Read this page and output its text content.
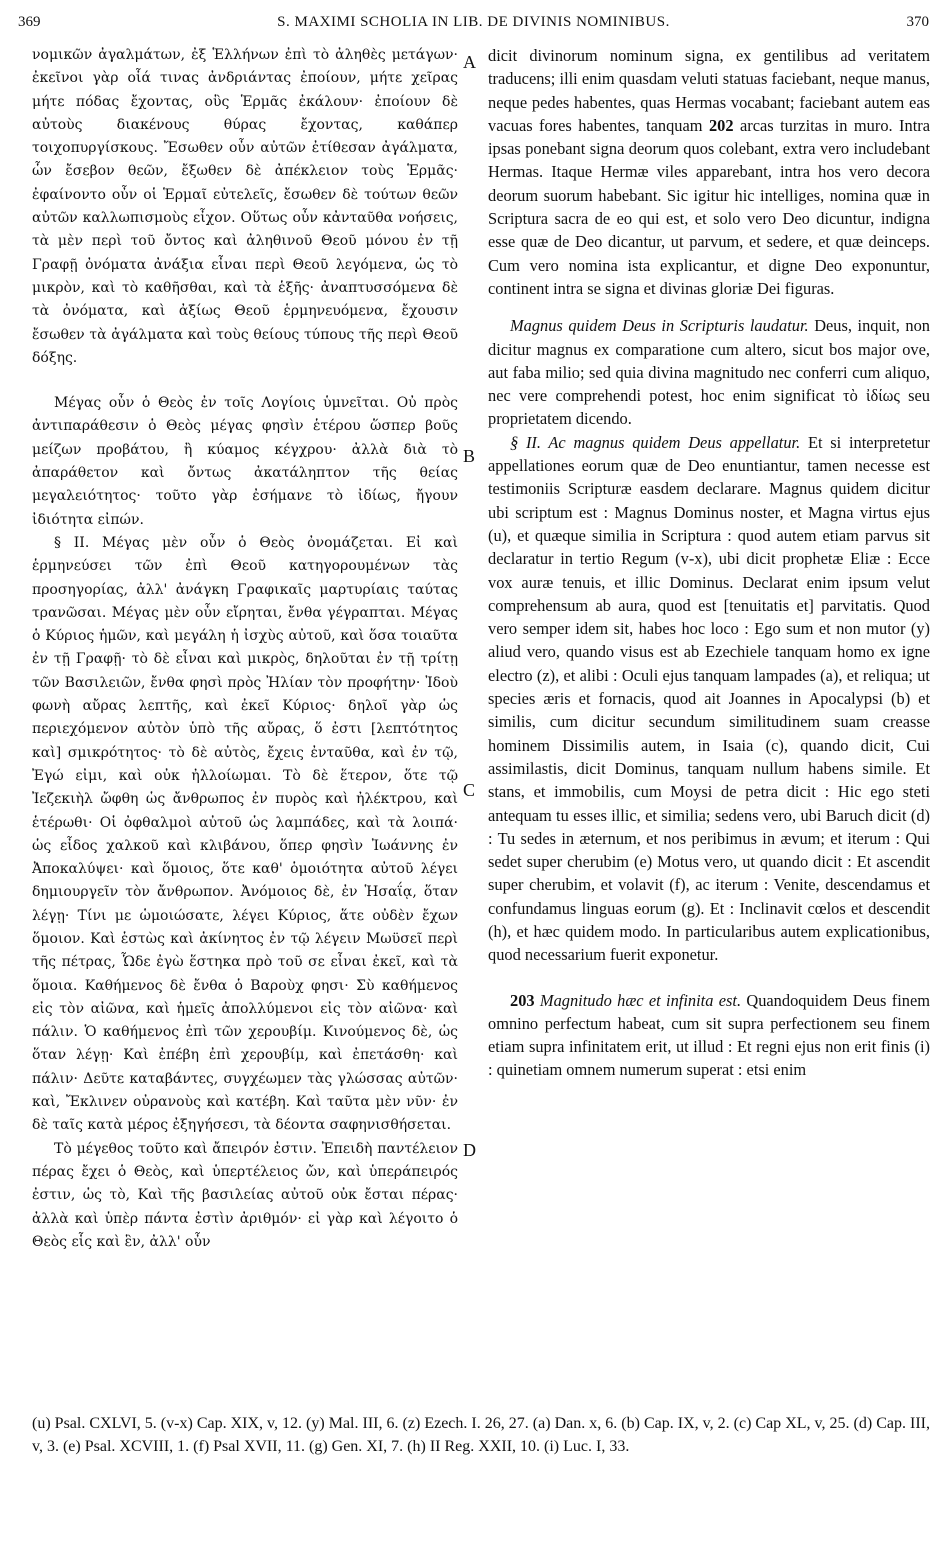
369	S. MAXIMI SCHOLIA IN LIB. DE DIVINIS NOMINIBUS.	370

νομικῶν ἀγαλμάτων, ἐξ Ἑλλήνων ἐπὶ τὸ ἀληθὲς μετάγων· ἐκεῖνοι γὰρ οἷά τινας ἀνδριάντας ἐποίουν, μήτε χεῖρας μήτε πόδας ἔχοντας, οὓς Ἑρμᾶς ἐκάλουν· ἐποίουν δὲ αὐτοὺς διακένους θύρας ἔχοντας, καθάπερ τοιχοπυργίσκους. Ἔσωθεν οὖν αὐτῶν ἐτίθεσαν ἀγάλματα, ὧν ἔσεβον θεῶν, ἔξωθεν δὲ ἀπέκλειον τοὺς Ἑρμᾶς· ἐφαίνοντο οὖν οἱ Ἑρμαῖ εὐτελεῖς, ἔσωθεν δὲ τούτων θεῶν αὐτῶν καλλωπισμοὺς εἶχον. Οὕτως οὖν κἀνταῦθα νοήσεις, τὰ μὲν περὶ τοῦ ὄντος καὶ ἀληθινοῦ Θεοῦ μόνου ἐν τῇ Γραφῇ ὀνόματα ἀνάξια εἶναι περὶ Θεοῦ λεγόμενα, ὡς τὸ μικρὸν, καὶ τὸ καθῆσθαι, καὶ τὰ ἑξῆς· ἀναπτυσσόμενα δὲ τὰ ὀνόματα, καὶ ἀξίως Θεοῦ ἑρμηνευόμενα, ἔχουσιν ἔσωθεν τὰ ἀγάλματα καὶ τοὺς θείους τύπους τῆς περὶ Θεοῦ δόξης.

Μέγας οὖν ὁ Θεὸς ἐν τοῖς Λογίοις ὑμνεῖται. Οὐ πρὸς ἀντιπαράθεσιν ὁ Θεὸς μέγας φησὶν ἑτέρου ὥσπερ βοῦς μείζων προβάτου, ἢ κύαμος κέγχρου· ἀλλὰ διὰ τὸ ἀπαράθετον καὶ ὄντως ἀκατάληπτον τῆς θείας μεγαλειότητος· τοῦτο γὰρ ἐσήμανε τὸ ἰδίως, ἤγουν ἰδιότητα εἰπών.

§ II. Μέγας μὲν οὖν ὁ Θεὸς ὀνομάζεται. Εἰ καὶ ἑρμηνεύσει τῶν ἐπὶ Θεοῦ κατηγορουμένων τὰς προσηγορίας, ἀλλ' ἀνάγκη Γραφικαῖς μαρτυρίαις ταύτας τρανῶσαι. Μέγας μὲν οὖν εἴρηται, ἔνθα γέγραπται. Μέγας ὁ Κύριος ἡμῶν, καὶ μεγάλη ἡ ἰσχὺς αὐτοῦ, καὶ ὅσα τοιαῦτα ἐν τῇ Γραφῇ· τὸ δὲ εἶναι καὶ μικρὸς, δηλοῦται ἐν τῇ τρίτῃ τῶν Βασιλειῶν, ἔνθα φησὶ πρὸς Ἠλίαν τὸν προφήτην· Ἰδοὺ φωνὴ αὔρας λεπτῆς, καὶ ἐκεῖ Κύριος· δηλοῖ γὰρ ὡς περιεχόμενον αὐτὸν ὑπὸ τῆς αὔρας, ὅ ἐστι [λεπτότητος καὶ] σμικρότητος· τὸ δὲ αὐτὸς, ἔχεις ἐνταῦθα, καὶ ἐν τῷ, Ἐγώ εἰμι, καὶ οὐκ ἠλλοίωμαι. Τὸ δὲ ἕτερον, ὅτε τῷ Ἰεζεκιὴλ ὤφθη ὡς ἄνθρωπος ἐν πυρὸς καὶ ἠλέκτρου, καὶ ἑτέρωθι· Οἱ ὀφθαλμοὶ αὐτοῦ ὡς λαμπάδες, καὶ τὰ λοιπά· ὡς εἶδος χαλκοῦ καὶ κλιβάνου, ὅπερ φησὶν Ἰωάννης ἐν Ἀποκαλύψει· καὶ ὅμοιος, ὅτε καθ' ὁμοιότητα αὐτοῦ λέγει δημιουργεῖν τὸν ἄνθρωπον. Ἀνόμοιος δὲ, ἐν Ἡσαΐᾳ, ὅταν λέγῃ· Τίνι με ὡμοιώσατε, λέγει Κύριος, ἅτε οὐδὲν ἔχων ὅμοιον. Καὶ ἑστὼς καὶ ἀκίνητος ἐν τῷ λέγειν Μωϋσεῖ περὶ τῆς πέτρας, Ὧδε ἐγὼ ἕστηκα πρὸ τοῦ σε εἶναι ἐκεῖ, καὶ τὰ ὅμοια. Καθήμενος δὲ ἔνθα ὁ Βαροὺχ φησι· Σὺ καθήμενος εἰς τὸν αἰῶνα, καὶ ἡμεῖς ἀπολλύμενοι εἰς τὸν αἰῶνα· καὶ πάλιν. Ὁ καθήμενος ἐπὶ τῶν χερουβίμ. Κινούμενος δὲ, ὡς ὅταν λέγῃ· Καὶ ἐπέβη ἐπὶ χερουβίμ, καὶ ἐπετάσθη· καὶ πάλιν· Δεῦτε καταβάντες, συγχέωμεν τὰς γλώσσας αὐτῶν· καὶ, Ἔκλινεν οὐρανοὺς καὶ κατέβη. Καὶ ταῦτα μὲν νῦν· ἐν δὲ ταῖς κατὰ μέρος ἐξηγήσεσι, τὰ δέοντα σαφηνισθήσεται.

Τὸ μέγεθος τοῦτο καὶ ἄπειρόν ἐστιν. Ἐπειδὴ παντέλειον πέρας ἔχει ὁ Θεὸς, καὶ ὑπερτέλειος ὤν, καὶ ὑπεράπειρός ἐστιν, ὡς τὸ, Καὶ τῆς βασιλείας αὐτοῦ οὐκ ἔσται πέρας· ἀλλὰ καὶ ὑπὲρ πάντα ἐστὶν ἀριθμόν· εἰ γὰρ καὶ λέγοιτο ὁ Θεὸς εἷς καὶ ἓν, ἀλλ' οὖν

A
B
C
D

dicit divinorum nominum signa, ex gentilibus ad veritatem traducens; illi enim quasdam veluti statuas faciebant, neque manus, neque pedes habentes, quas Hermas vocabant; faciebant autem eas vacuas fores habentes, tanquam 202 arcas turzitas in muro. Intra ipsas ponebant signa deorum quos colebant, extra vero includebant Hermas. Itaque Hermæ viles apparebant, intra hos vero decora deorum suorum habebant. Sic igitur hic intelliges, nomina quæ in Scriptura sacra de eo qui est, et solo vero Deo dicuntur, indigna esse quæ de Deo dicantur, ut parvum, et sedere, et quæ deinceps. Cum vero nomina ista explicantur, et digne Deo exponuntur, continent intra se signa et divinas gloriæ Dei figuras.

Magnus quidem Deus in Scripturis laudatur. Deus, inquit, non dicitur magnus ex comparatione cum altero, sicut bos major ove, aut faba milio; sed quia divina magnitudo nec conferri cum aliquo, nec vere comprehendi potest, hoc enim significat τὸ ἰδίως seu proprietatem dicendo.

§ II. Ac magnus quidem Deus appellatur. Et si interpretetur appellationes eorum quæ de Deo enuntiantur, tamen necesse est testimoniis Scripturæ easdem declarare. Magnus quidem dicitur ubi scriptum est : Magnus Dominus noster, et Magna virtus ejus (u), et quæque similia in Scriptura : quod autem etiam parvus sit declaratur in tertio Regum (v-x), ubi dicit prophetæ Eliæ : Ecce vox auræ tenuis, et illic Dominus. Declarat enim ipsum velut comprehensum ab aura, quod est [tenuitatis et] parvitatis. Quod vero semper idem sit, habes hoc loco : Ego sum et non mutor (y) aliud vero, quando visus est ab Ezechiele tanquam homo ex igne electro (z), et alibi : Oculi ejus tanquam lampades (a), et reliqua; ut species æris et fornacis, quod ait Joannes in Apocalypsi (b) et similis, cum dicitur secundum similitudinem suam creasse hominem Dissimilis autem, in Isaia (c), quando dicit, Cui assimilastis, dicit Dominus, tanquam nullum habens simile. Et stans, et immobilis, cum Moysi de petra dicit : Hic ego steti antequam tu esses illic, et similia; sedens vero, ubi Baruch dicit (d) : Tu sedes in æternum, et nos peribimus in ævum; et iterum : Qui sedet super cherubim (e) Motus vero, ut quando dicit : Et ascendit super cherubim, et volavit (f), ac iterum : Venite, descendamus et confundamus linguas eorum (g). Et : Inclinavit cœlos et descendit (h), et hæc quidem modo. In particularibus autem explicationibus, quod necessarium fuerit exponetur.

203 Magnitudo hæc et infinita est. Quandoquidem Deus finem omnino perfectum habeat, cum sit supra perfectionem seu finem etiam supra infinitatem erit, ut illud : Et regni ejus non erit finis (i) : quinetiam omnem numerum superat : etsi enim

(u) Psal. CXLVI, 5. (v-x) Cap. XIX, v, 12. (y) Mal. III, 6. (z) Ezech. I. 26, 27. (a) Dan. x, 6. (b) Cap. IX, v, 2. (c) Cap XL, v, 25. (d) Cap. III, v, 3. (e) Psal. XCVIII, 1. (f) Psal XVII, 11. (g) Gen. XI, 7. (h) II Reg. XXII, 10. (i) Luc. I, 33.
